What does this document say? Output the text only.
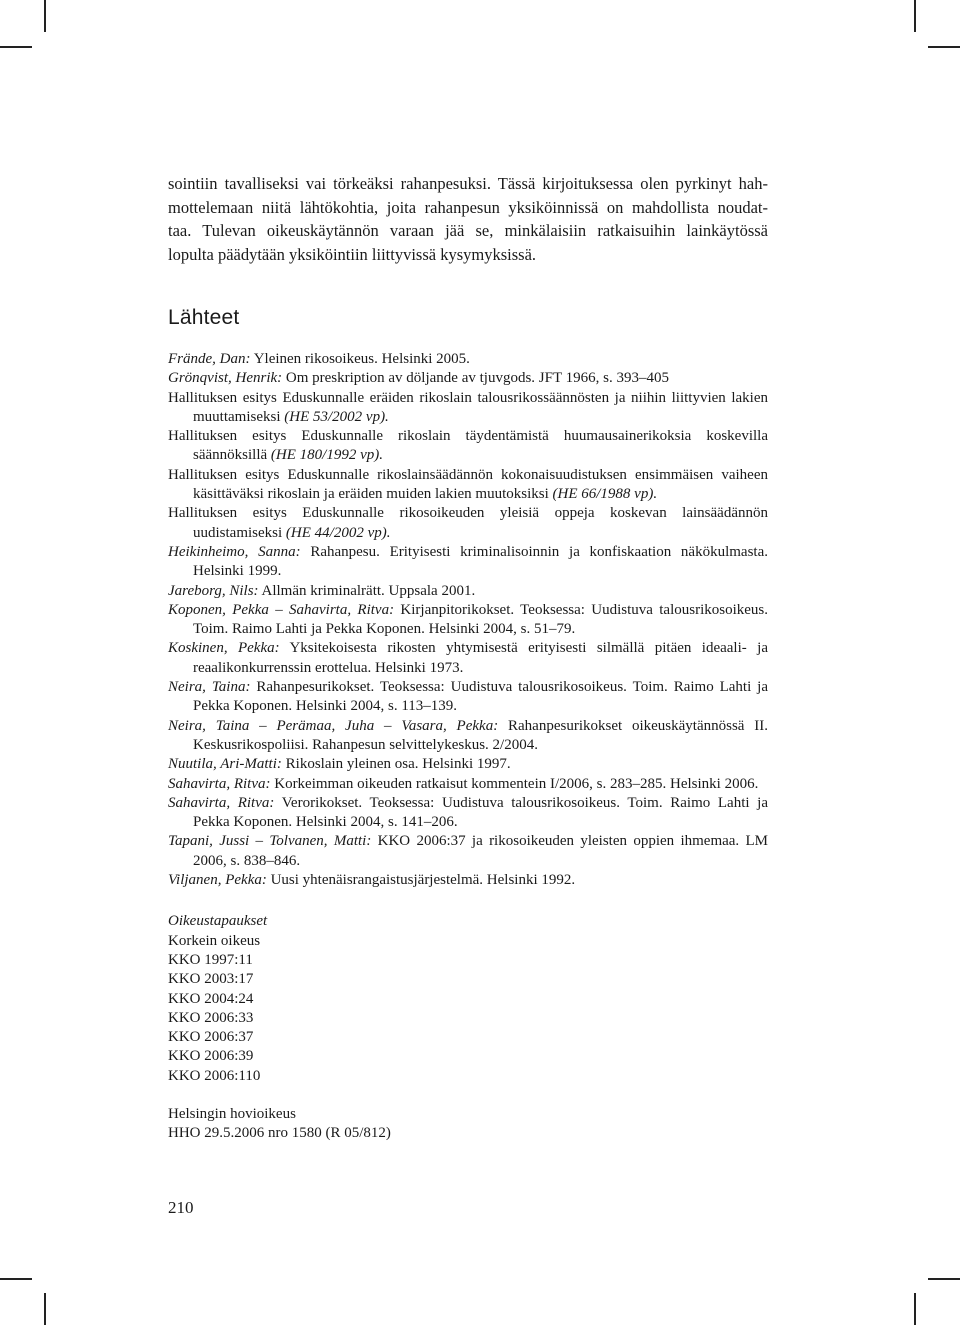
sointiin tavalliseksi vai törkeäksi rahanpesuksi. Tässä kirjoituksessa olen pyrkinyt hah-
mottelemaan niitä lähtökohtia, joita rahanpesun yksiköinnissä on mahdollista noudat-
taa. Tulevan oikeuskäytännön varaan jää se, minkälaisiin ratkaisuihin lainkäytössä
lopulta päädytään yksiköintiin liittyvissä kysymyksissä.

Lähteet
Frände, Dan: Yleinen rikosoikeus. Helsinki 2005.
Grönqvist, Henrik: Om preskription av döljande av tjuvgods. JFT 1966, s. 393–405
Hallituksen esitys Eduskunnalle eräiden rikoslain talousrikossäännösten ja niihin liittyvien lakien muuttamiseksi (HE 53/2002 vp).
Hallituksen esitys Eduskunnalle rikoslain täydentämistä huumausainerikoksia koskevilla säännöksillä (HE 180/1992 vp).
Hallituksen esitys Eduskunnalle rikoslainsäädännön kokonaisuudistuksen ensimmäisen vaiheen käsittäväksi rikoslain ja eräiden muiden lakien muutoksiksi (HE 66/1988 vp).
Hallituksen esitys Eduskunnalle rikosoikeuden yleisiä oppeja koskevan lainsäädännön uudistamiseksi (HE 44/2002 vp).
Heikinheimo, Sanna: Rahanpesu. Erityisesti kriminalisoinnin ja konfiskaation näkökulmasta. Helsinki 1999.
Jareborg, Nils: Allmän kriminalrätt. Uppsala 2001.
Koponen, Pekka – Sahavirta, Ritva: Kirjanpitorikokset. Teoksessa: Uudistuva talousrikosoikeus. Toim. Raimo Lahti ja Pekka Koponen. Helsinki 2004, s. 51–79.
Koskinen, Pekka: Yksitekoisesta rikosten yhtymisestä erityisesti silmällä pitäen ideaali- ja reaalikonkurrenssin erottelua. Helsinki 1973.
Neira, Taina: Rahanpesurikokset. Teoksessa: Uudistuva talousrikosoikeus. Toim. Raimo Lahti ja Pekka Koponen. Helsinki 2004, s. 113–139.
Neira, Taina – Perämaa, Juha – Vasara, Pekka: Rahanpesurikokset oikeuskäytännössä II. Keskusrikospoliisi. Rahanpesun selvittelykeskus. 2/2004.
Nuutila, Ari-Matti: Rikoslain yleinen osa. Helsinki 1997.
Sahavirta, Ritva: Korkeimman oikeuden ratkaisut kommentein I/2006, s. 283–285. Helsinki 2006.
Sahavirta, Ritva: Verorikokset. Teoksessa: Uudistuva talousrikosoikeus. Toim. Raimo Lahti ja Pekka Koponen. Helsinki 2004, s. 141–206.
Tapani, Jussi – Tolvanen, Matti: KKO 2006:37 ja rikosoikeuden yleisten oppien ihmemaa. LM 2006, s. 838–846.
Viljanen, Pekka: Uusi yhtenäisrangaistusjärjestelmä. Helsinki 1992.
Oikeustapaukset
Korkein oikeus
KKO 1997:11
KKO 2003:17
KKO 2004:24
KKO 2006:33
KKO 2006:37
KKO 2006:39
KKO 2006:110
Helsingin hovioikeus
HHO 29.5.2006 nro 1580 (R 05/812)
210
